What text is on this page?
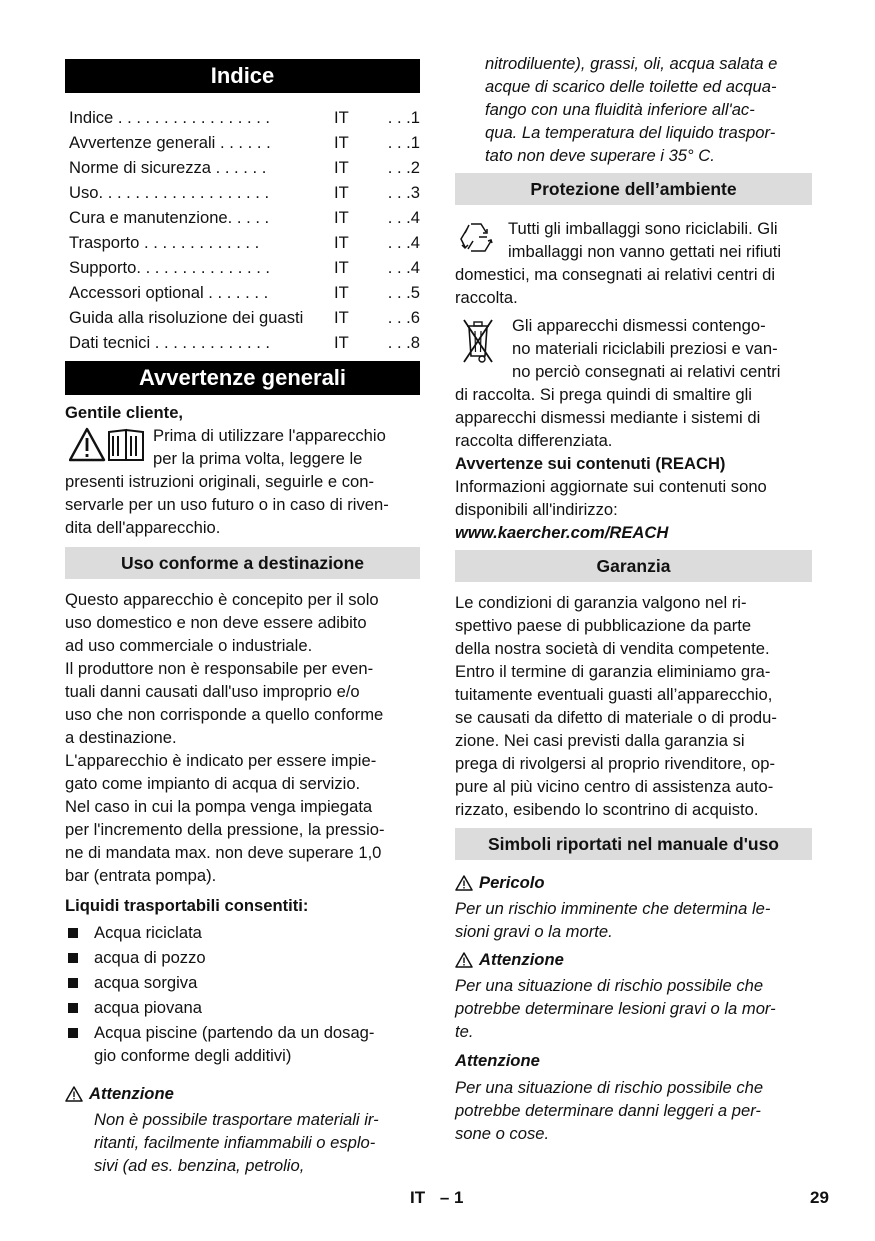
Indice
Indice . . . . . . . . . . . . . . . . .	IT	. . .1
Avvertenze generali . . . . . .	IT	. . .1
Norme di sicurezza . . . . . .	IT	. . .2
Uso. . . . . . . . . . . . . . . . . . .	IT	. . .3
Cura e manutenzione. . . . .	IT	. . .4
Trasporto . . . . . . . . . . . . .	IT	. . .4
Supporto. . . . . . . . . . . . . . .	IT	. . .4
Accessori optional . . . . . . .	IT	. . .5
Guida alla risoluzione dei guasti	IT	. . .6
Dati tecnici . . . . . . . . . . . . .	IT	. . .8
Avvertenze generali

Gentile cliente,

Prima di utilizzare l'apparecchio

per la prima volta, leggere le

presenti istruzioni originali, seguirle e con-

servarle per un uso futuro o in caso di riven-

dita dell'apparecchio.

Uso conforme a destinazione

Questo apparecchio è concepito per il solo

uso domestico e non deve essere adibito

ad uso commerciale o industriale.

Il produttore non è responsabile per even-

tuali danni causati dall'uso improprio e/o

uso che non corrisponde a quello conforme

a destinazione.

L'apparecchio è indicato per essere impie-

gato come impianto di acqua di servizio.

Nel caso in cui la pompa venga impiegata

per l'incremento della pressione, la pressio-

ne di mandata max. non deve superare 1,0

bar (entrata pompa).

Liquidi trasportabili consentiti:

Acqua riciclata
acqua di pozzo
acqua sorgiva
acqua piovana
Acqua piscine (partendo da un dosag-

gio conforme degli additivi)

Attenzione

Non è possibile trasportare materiali ir-

ritanti, facilmente infiammabili o esplo-

sivi (ad es. benzina, petrolio,

nitrodiluente), grassi, oli, acqua salata e

acque di scarico delle toilette ed acqua-

fango con una fluidità inferiore all'ac-

qua. La temperatura del liquido traspor-

tato non deve superare i 35° C.

Protezione dell’ambiente

Tutti gli imballaggi sono riciclabili. Gli

imballaggi non vanno gettati nei rifiuti

domestici, ma consegnati ai relativi centri di

raccolta.

Gli apparecchi dismessi contengo-

no materiali riciclabili preziosi e van-

no perciò consegnati ai relativi centri

di raccolta. Si prega quindi di smaltire gli

apparecchi dismessi mediante i sistemi di

raccolta differenziata.

Avvertenze sui contenuti (REACH)

Informazioni aggiornate sui contenuti sono

disponibili all'indirizzo:

www.kaercher.com/REACH

Garanzia

Le condizioni di garanzia valgono nel ri-

spettivo paese di pubblicazione da parte

della nostra società di vendita competente.

Entro il termine di garanzia eliminiamo gra-

tuitamente eventuali guasti all’apparecchio,

se causati da difetto di materiale o di produ-

zione. Nei casi previsti dalla garanzia si

prega di rivolgersi al proprio rivenditore, op-

pure al più vicino centro di assistenza auto-

rizzato, esibendo lo scontrino di acquisto.

Simboli riportati nel manuale d'uso
Pericolo

Per un rischio imminente che determina le-

sioni gravi o la morte.

Attenzione

Per una situazione di rischio possibile che

potrebbe determinare lesioni gravi o la mor-

te.

Attenzione

Per una situazione di rischio possibile che

potrebbe determinare danni leggeri a per-

sone o cose.

IT – 1	29
